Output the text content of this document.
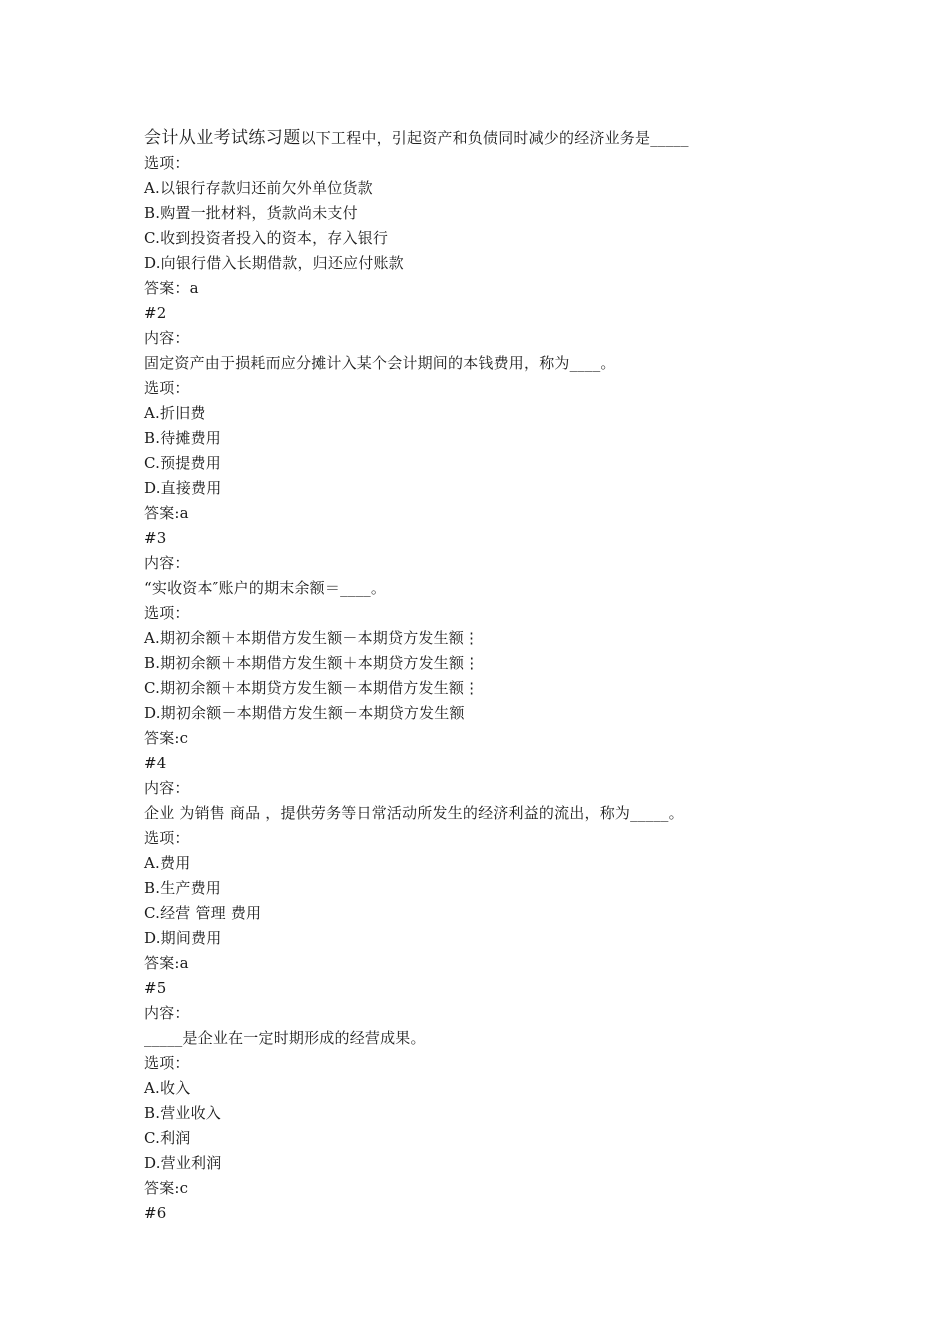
会计从业考试练习题以下工程中，引起资产和负债同时减少的经济业务是_____
选项：
A.以银行存款归还前欠外单位货款
B.购置一批材料，货款尚未支付
C.收到投资者投入的资本，存入银行
D.向银行借入长期借款，归还应付账款
答案：a
#2
内容：
固定资产由于损耗而应分摊计入某个会计期间的本钱费用，称为____。
选项：
A.折旧费
B.待摊费用
C.预提费用
D.直接费用
答案:a
#3
内容：
“实收资本″账户的期末余额＝____。
选项：
A.期初余额＋本期借方发生额－本期贷方发生额⋮
B.期初余额＋本期借方发生额＋本期贷方发生额⋮
C.期初余额＋本期贷方发生额－本期借方发生额⋮
D.期初余额－本期借方发生额－本期贷方发生额
答案:c
#4
内容：
企业 为销售 商品 ，提供劳务等日常活动所发生的经济利益的流出，称为_____。
选项：
A.费用
B.生产费用
C.经营 管理 费用
D.期间费用
答案:a
#5
内容：
_____是企业在一定时期形成的经营成果。
选项：
A.收入
B.营业收入
C.利润
D.营业利润
答案:c
#6
